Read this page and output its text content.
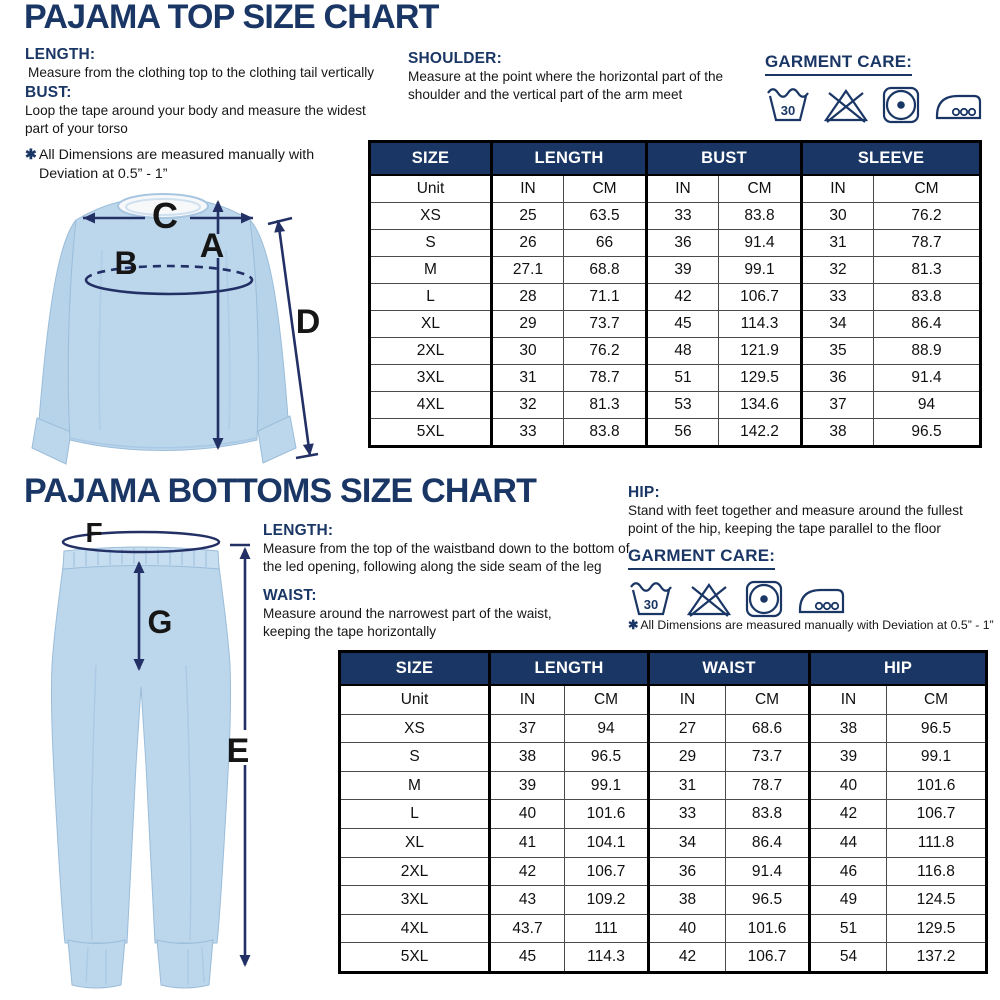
PAJAMA TOP SIZE CHART
LENGTH:
Measure from the clothing top to the clothing tail vertically
BUST:
Loop the tape around your body and measure the widest part of your torso
✱ All Dimensions are measured manually with Deviation at 0.5” - 1”
SHOULDER:
Measure at the point where the horizontal part of the shoulder and the vertical part of the arm meet
GARMENT CARE:
30
C
A
B
D
SIZE	LENGTH		BUST		SLEEVE	
Unit	IN	CM	IN	CM	IN	CM
XS	25	63.5	33	83.8	30	76.2
S	26	66	36	91.4	31	78.7
M	27.1	68.8	39	99.1	32	81.3
L	28	71.1	42	106.7	33	83.8
XL	29	73.7	45	114.3	34	86.4
2XL	30	76.2	48	121.9	35	88.9
3XL	31	78.7	51	129.5	36	91.4
4XL	32	81.3	53	134.6	37	94
5XL	33	83.8	56	142.2	38	96.5
PAJAMA BOTTOMS SIZE CHART
F
G
E
LENGTH:
Measure from the top of the waistband down to the bottom of the led opening, following along the side seam of the leg
WAIST:
Measure around the narrowest part of the waist, keeping the tape horizontally
HIP:
Stand with feet together and measure around the fullest point of the hip, keeping the tape parallel to the floor
GARMENT CARE:
30
✱ All Dimensions are measured manually with Deviation at 0.5” - 1”
SIZE	LENGTH		WAIST		HIP	
Unit	IN	CM	IN	CM	IN	CM
XS	37	94	27	68.6	38	96.5
S	38	96.5	29	73.7	39	99.1
M	39	99.1	31	78.7	40	101.6
L	40	101.6	33	83.8	42	106.7
XL	41	104.1	34	86.4	44	111.8
2XL	42	106.7	36	91.4	46	116.8
3XL	43	109.2	38	96.5	49	124.5
4XL	43.7	111	40	101.6	51	129.5
5XL	45	114.3	42	106.7	54	137.2
